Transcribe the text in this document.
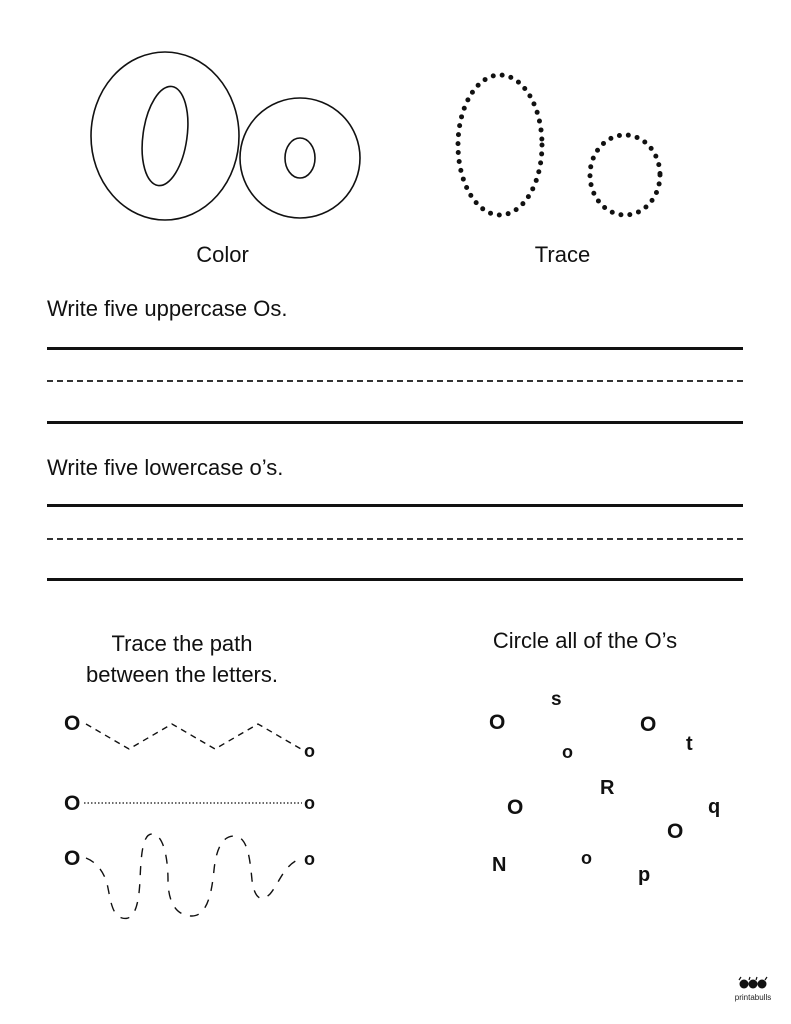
Color	Trace
Write five uppercase Os.
Write five lowercase o’s.
Trace the path
between the letters.
O
o
O	o
O	o
Circle all of the O’s
s
O	O
t
o
R
O	q
O
N	o
p
printabulls
